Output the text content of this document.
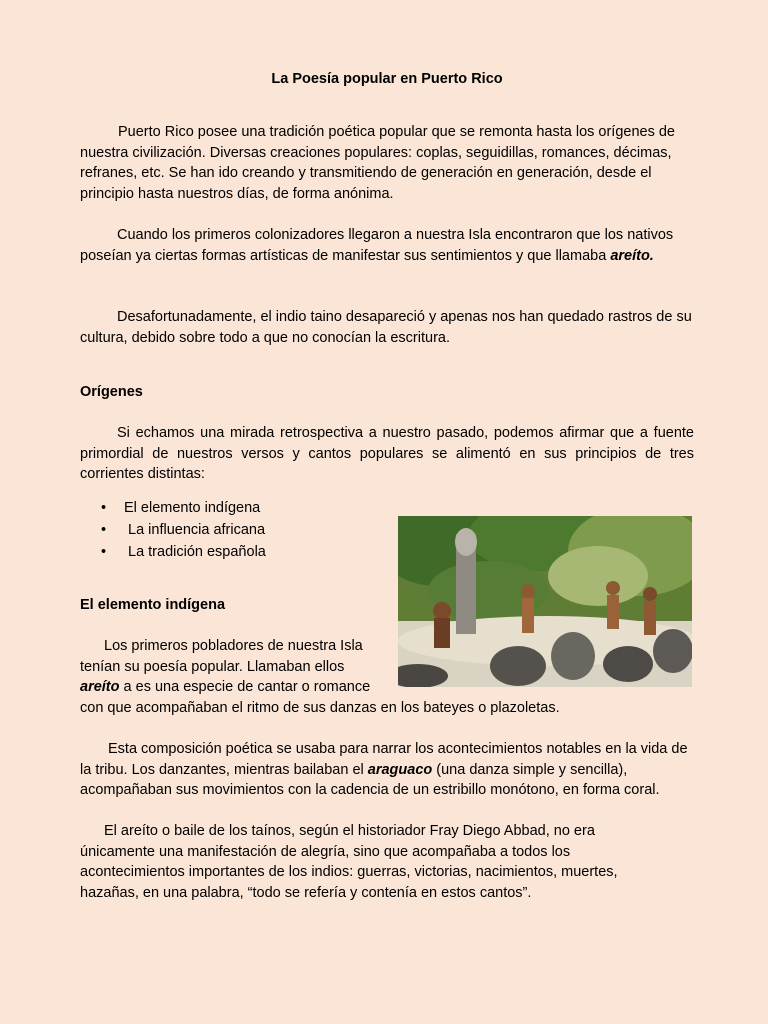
La Poesía popular en Puerto Rico

Puerto Rico posee una tradición poética popular que se remonta hasta los orígenes de nuestra civilización. Diversas creaciones populares: coplas, seguidillas, romances, décimas, refranes, etc. Se han ido creando y transmitiendo de generación en generación, desde el principio hasta nuestros días, de forma anónima.

Cuando los primeros colonizadores llegaron a nuestra Isla encontraron que los nativos poseían ya ciertas formas artísticas de manifestar sus sentimientos y que llamaba areíto.

Desafortunadamente, el indio taino desapareció y apenas nos han quedado rastros de su cultura, debido sobre todo a que no conocían la escritura.

Orígenes

Si echamos una mirada retrospectiva a nuestro pasado, podemos afirmar que a fuente primordial de nuestros versos y cantos populares se alimentó en sus principios de tres corrientes distintas:

• El elemento indígena
• La influencia africana
• La tradición española

El elemento indígena

Los primeros pobladores de nuestra Isla tenían su poesía popular. Llamaban ellos areíto a es una especie de cantar o romance

con que acompañaban el ritmo de sus danzas en los bateyes o plazoletas.

Esta composición poética se usaba para narrar los acontecimientos notables en la vida de la tribu. Los danzantes, mientras bailaban el araguaco (una danza simple y sencilla), acompañaban sus movimientos con la cadencia de un estribillo monótono, en forma coral.

El areíto o baile de los taínos, según el historiador Fray Diego Abbad, no era únicamente una manifestación de alegría, sino que acompañaba a todos los acontecimientos importantes de los indios: guerras, victorias, nacimientos, muertes, hazañas, en una palabra, “todo se refería y contenía en estos cantos”.
